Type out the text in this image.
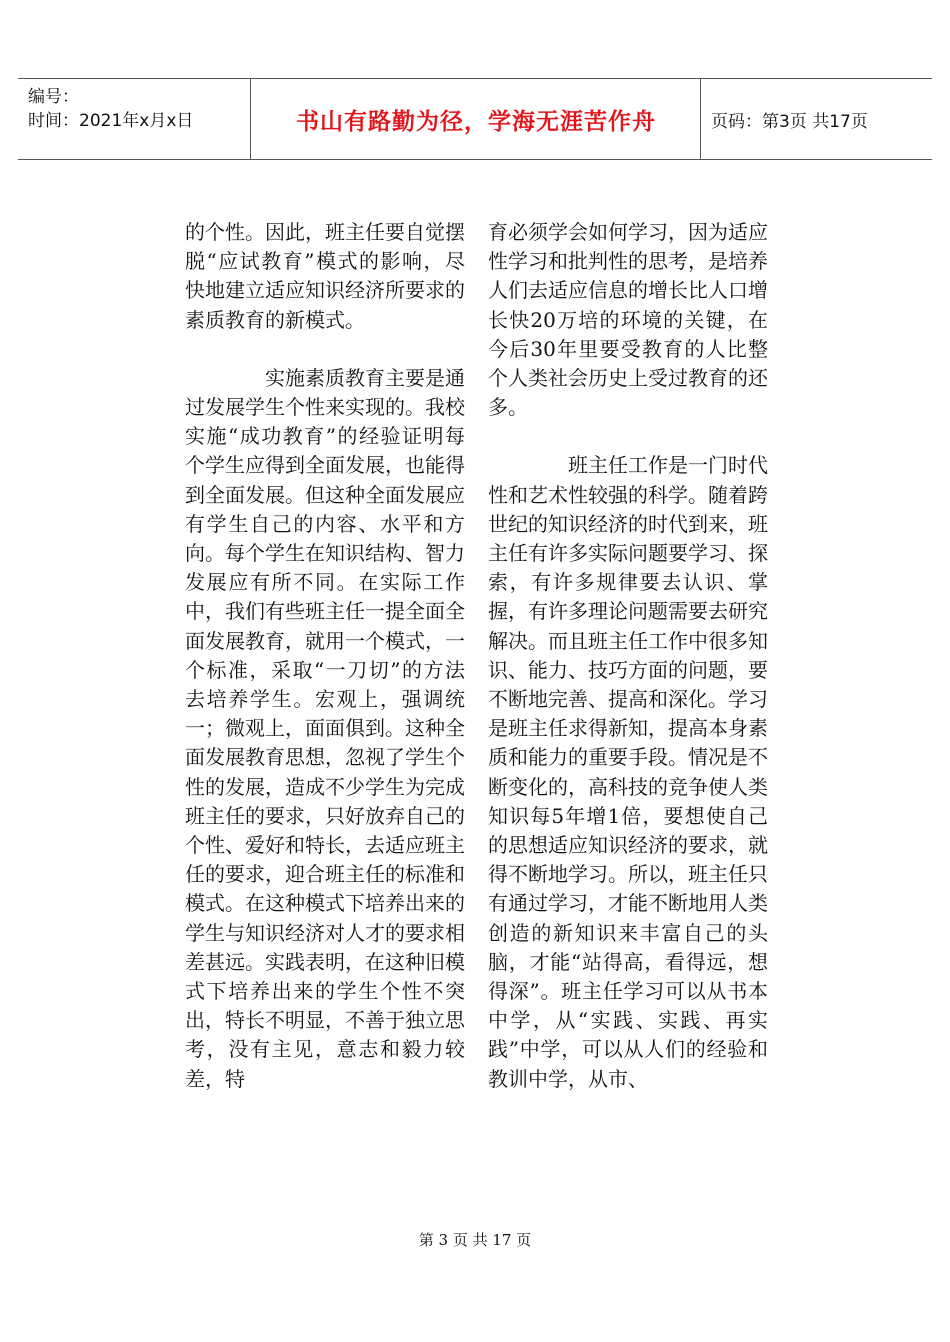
编号：
时间：2021年x月x日	书山有路勤为径，学海无涯苦作舟	页码：第3页 共17页

的个性。因此，班主任要自觉摆脱“应试教育”模式的影响，尽快地建立适应知识经济所要求的素质教育的新模式。

实施素质教育主要是通过发展学生个性来实现的。我校实施“成功教育”的经验证明每个学生应得到全面发展，也能得到全面发展。但这种全面发展应有学生自己的内容、水平和方向。每个学生在知识结构、智力发展应有所不同。在实际工作中，我们有些班主任一提全面全面发展教育，就用一个模式，一个标准，采取“一刀切”的方法去培养学生。宏观上，强调统一；微观上，面面俱到。这种全面发展教育思想，忽视了学生个性的发展，造成不少学生为完成班主任的要求，只好放弃自己的个性、爱好和特长，去适应班主任的要求，迎合班主任的标准和模式。在这种模式下培养出来的学生与知识经济对人才的要求相差甚远。实践表明，在这种旧模式下培养出来的学生个性不突出，特长不明显，不善于独立思考，没有主见，意志和毅力较差，特

育必须学会如何学习，因为适应性学习和批判性的思考，是培养人们去适应信息的增长比人口增长快20万培的环境的关键，在今后30年里要受教育的人比整个人类社会历史上受过教育的还多。

班主任工作是一门时代性和艺术性较强的科学。随着跨世纪的知识经济的时代到来，班主任有许多实际问题要学习、探索，有许多规律要去认识、掌握，有许多理论问题需要去研究解决。而且班主任工作中很多知识、能力、技巧方面的问题，要不断地完善、提高和深化。学习是班主任求得新知，提高本身素质和能力的重要手段。情况是不断变化的，高科技的竞争使人类知识每5年增1倍，要想使自己的思想适应知识经济的要求，就得不断地学习。所以，班主任只有通过学习，才能不断地用人类创造的新知识来丰富自己的头脑，才能“站得高，看得远，想得深”。班主任学习可以从书本中学，从“实践、实践、再实践”中学，可以从人们的经验和教训中学，从市、

第 3 页 共 17 页
